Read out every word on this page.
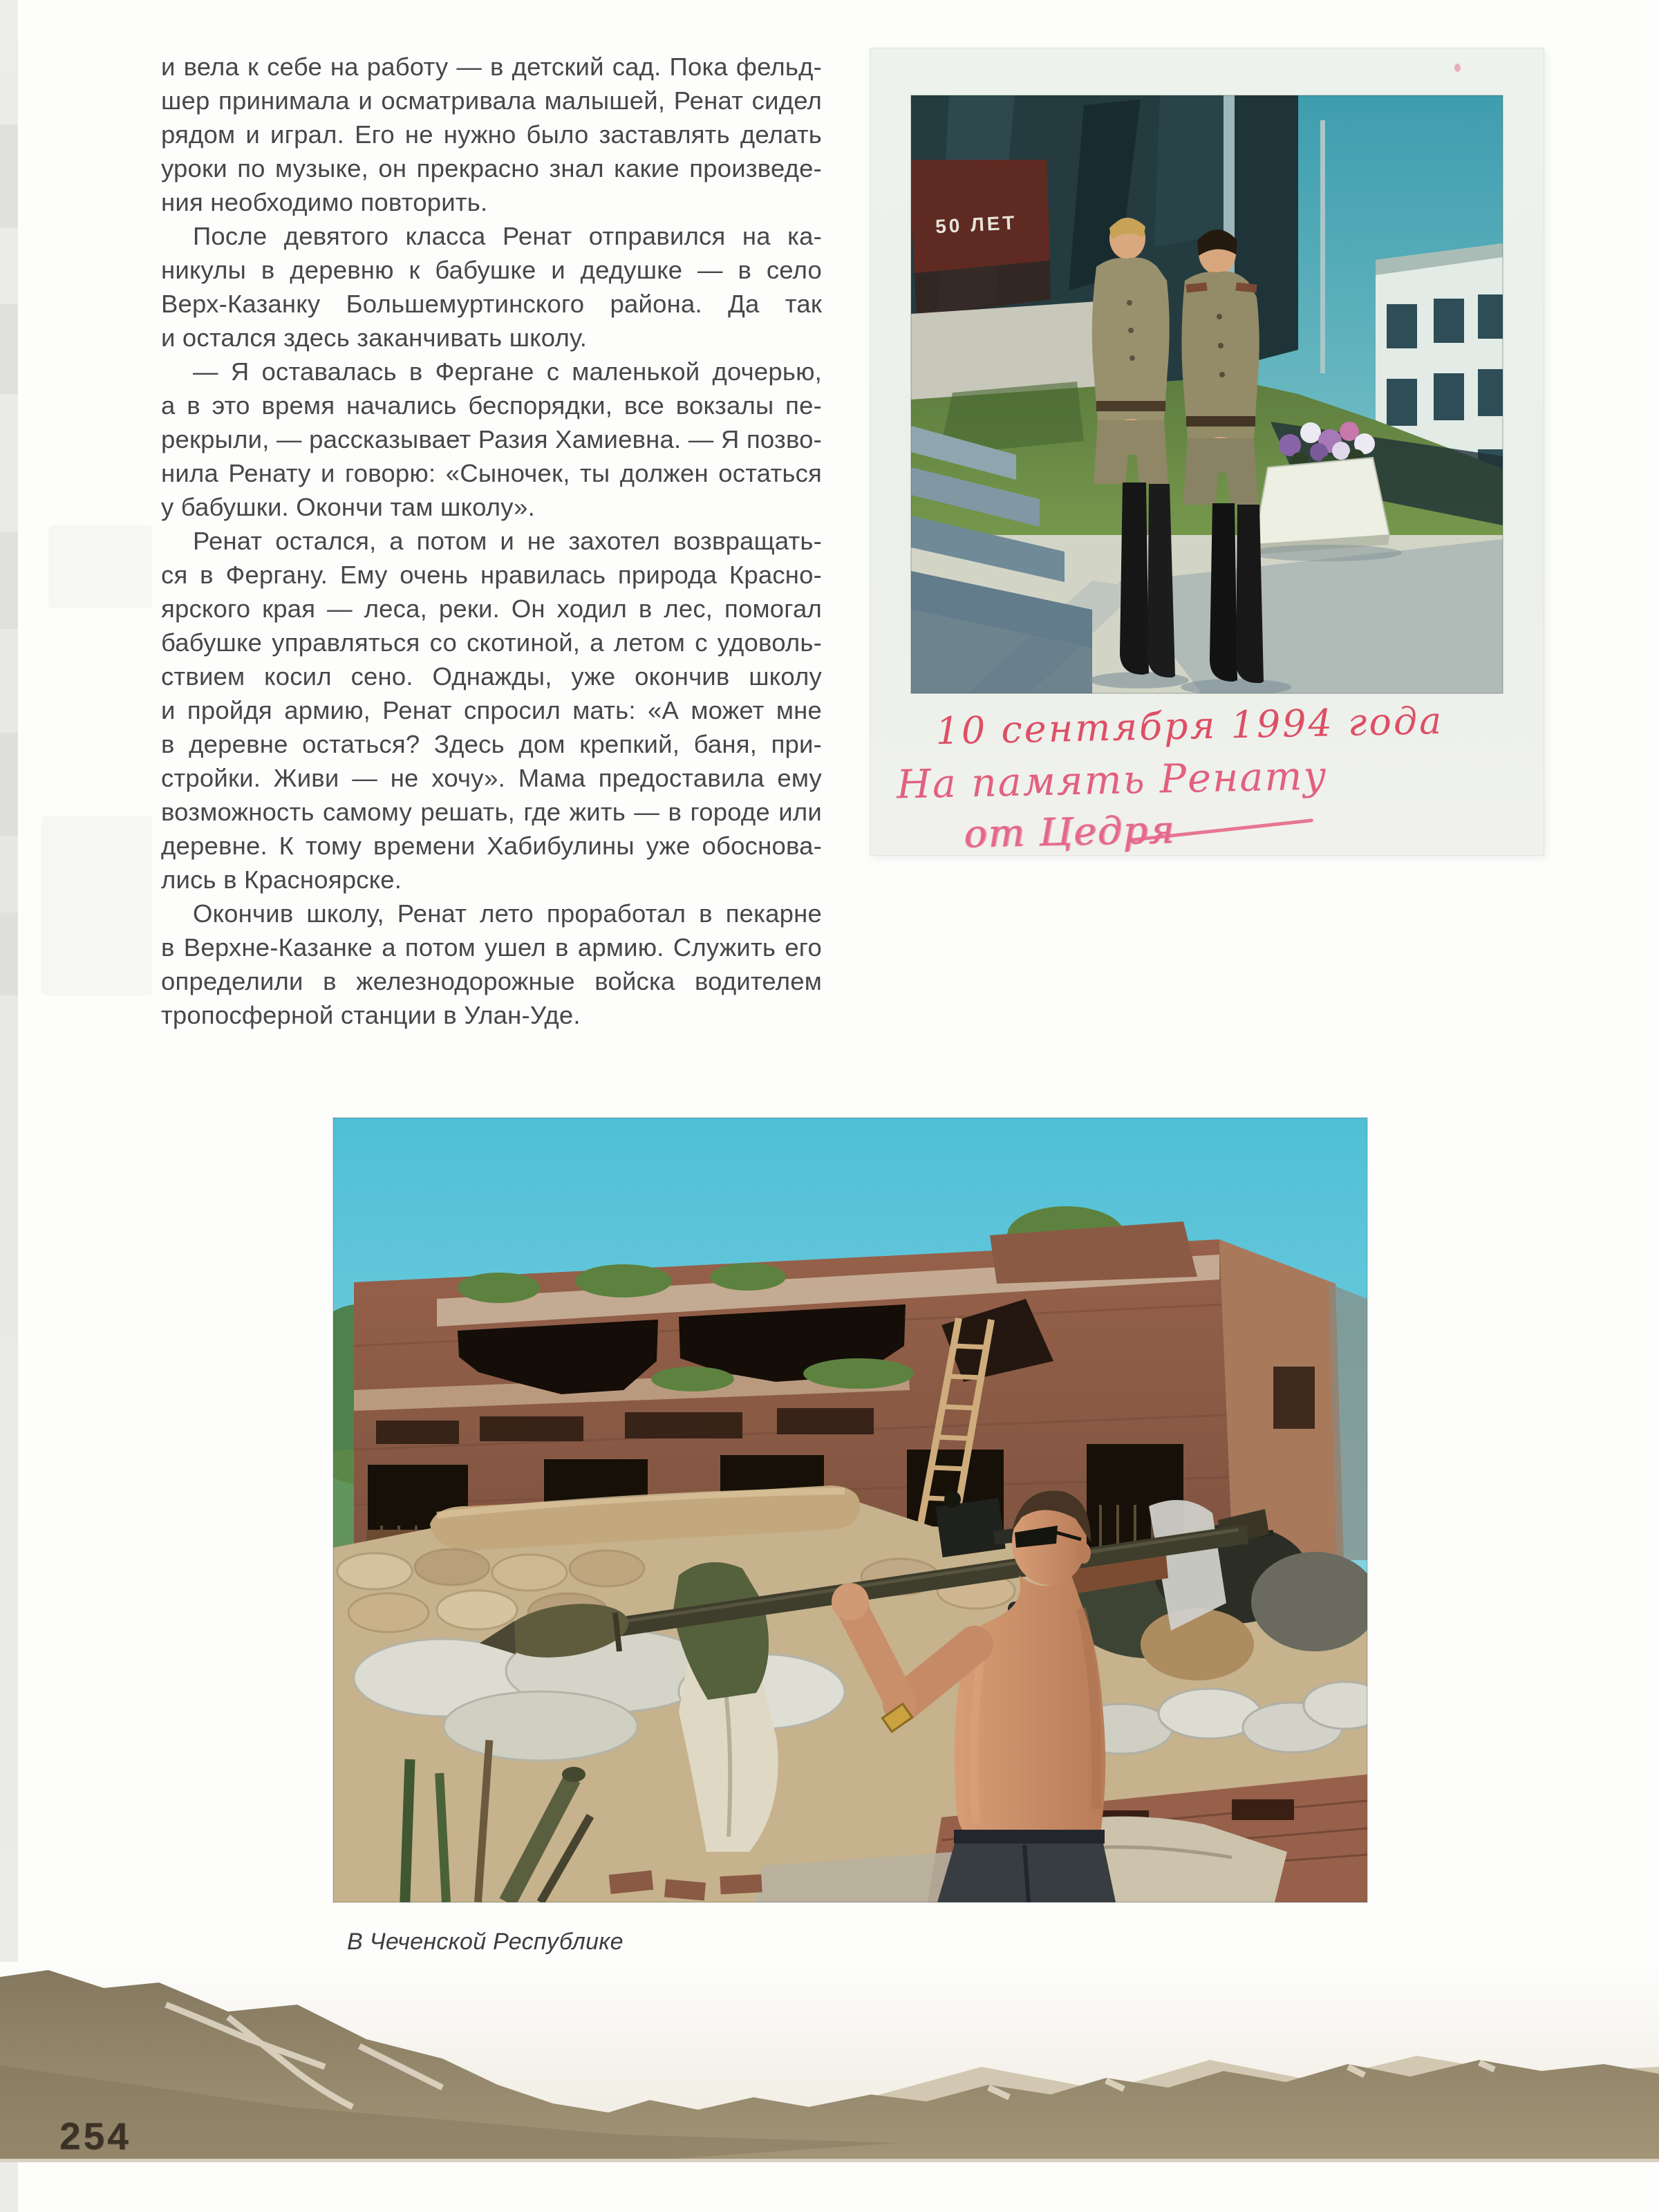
и вела к себе на работу — в детский сад. Пока фельд-
шер принимала и осматривала малышей, Ренат сидел
рядом и играл. Его не нужно было заставлять делать
уроки по музыке, он прекрасно знал какие произведе-
ния необходимо повторить.
После девятого класса Ренат отправился на ка-
никулы в деревню к бабушке и дедушке — в село
Верх-Казанку Большемуртинского района. Да так
и остался здесь заканчивать школу.
— Я оставалась в Фергане с маленькой дочерью,
а в это время начались беспорядки, все вокзалы пе-
рекрыли, — рассказывает Разия Хамиевна. — Я позво-
нила Ренату и говорю: «Сыночек, ты должен остаться
у бабушки. Окончи там школу».
Ренат остался, а потом и не захотел возвращать-
ся в Фергану. Ему очень нравилась природа Красно-
ярского края — леса, реки. Он ходил в лес, помогал
бабушке управляться со скотиной, а летом с удоволь-
ствием косил сено. Однажды, уже окончив школу
и пройдя армию, Ренат спросил мать: «А может мне
в деревне остаться? Здесь дом крепкий, баня, при-
стройки. Живи — не хочу». Мама предоставила ему
возможность самому решать, где жить — в городе или
деревне. К тому времени Хабибулины уже обоснова-
лись в Красноярске.
Окончив школу, Ренат лето проработал в пекарне
в Верхне-Казанке а потом ушел в армию. Служить его
определили в железнодорожные войска водителем
тропосферной станции в Улан-Уде.
50 ЛЕТ
10 сентября 1994 года
На память Ренату
от Цедря
В Чеченской Республике
254
